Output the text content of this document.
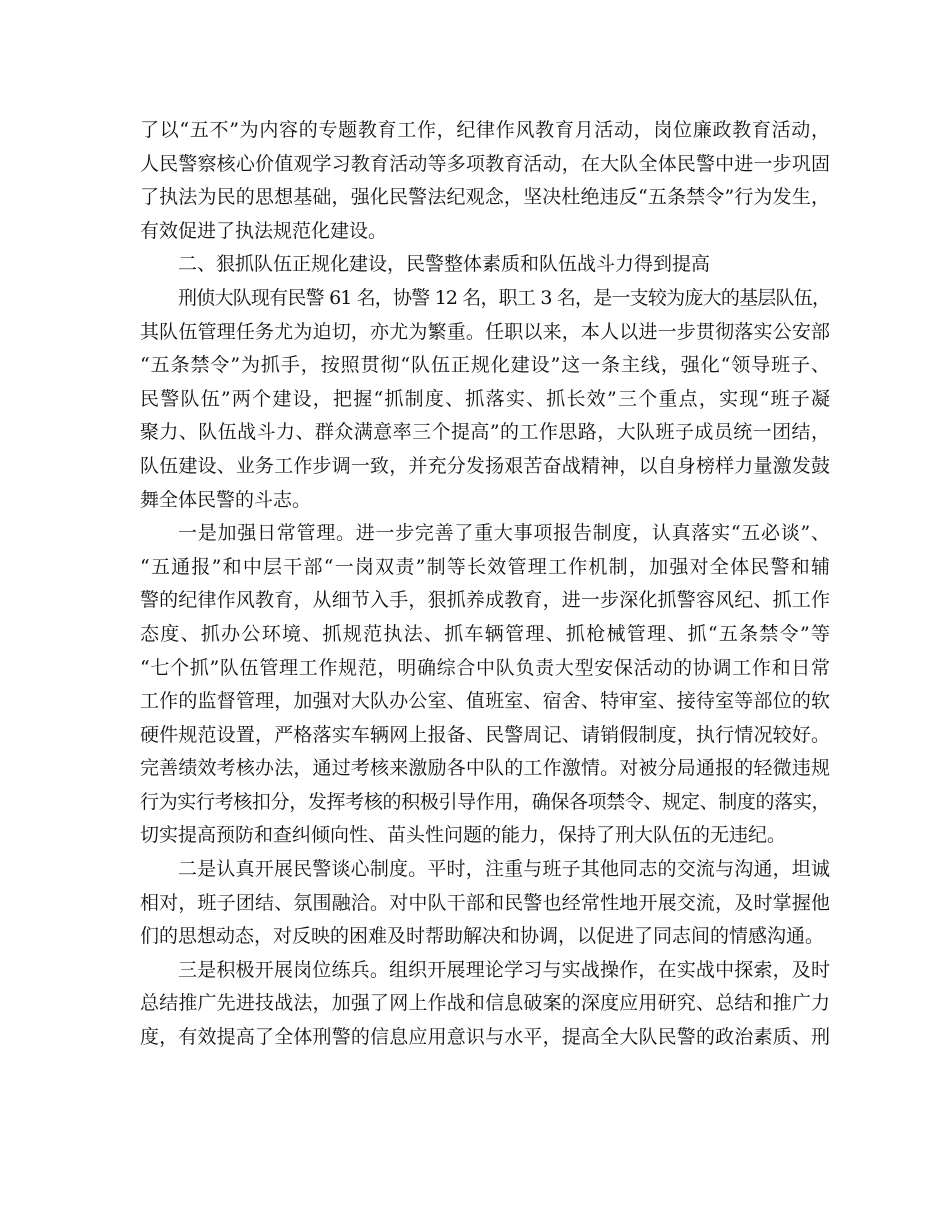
了以“五不”为内容的专题教育工作，纪律作风教育月活动，岗位廉政教育活动，
人民警察核心价值观学习教育活动等多项教育活动，在大队全体民警中进一步巩固
了执法为民的思想基础，强化民警法纪观念，坚决杜绝违反“五条禁令”行为发生，
有效促进了执法规范化建设。
二、狠抓队伍正规化建设，民警整体素质和队伍战斗力得到提高
刑侦大队现有民警 61 名，协警 12 名，职工 3 名，是一支较为庞大的基层队伍，
其队伍管理任务尤为迫切，亦尤为繁重。任职以来，本人以进一步贯彻落实公安部
“五条禁令”为抓手，按照贯彻“队伍正规化建设”这一条主线，强化“领导班子、
民警队伍”两个建设，把握“抓制度、抓落实、抓长效”三个重点，实现“班子凝
聚力、队伍战斗力、群众满意率三个提高”的工作思路，大队班子成员统一团结，
队伍建设、业务工作步调一致，并充分发扬艰苦奋战精神，以自身榜样力量激发鼓
舞全体民警的斗志。
一是加强日常管理。进一步完善了重大事项报告制度，认真落实“五必谈”、
“五通报”和中层干部“一岗双责”制等长效管理工作机制，加强对全体民警和辅
警的纪律作风教育，从细节入手，狠抓养成教育，进一步深化抓警容风纪、抓工作
态度、抓办公环境、抓规范执法、抓车辆管理、抓枪械管理、抓“五条禁令”等
“七个抓”队伍管理工作规范，明确综合中队负责大型安保活动的协调工作和日常
工作的监督管理，加强对大队办公室、值班室、宿舍、特审室、接待室等部位的软
硬件规范设置，严格落实车辆网上报备、民警周记、请销假制度，执行情况较好。
完善绩效考核办法，通过考核来激励各中队的工作激情。对被分局通报的轻微违规
行为实行考核扣分，发挥考核的积极引导作用，确保各项禁令、规定、制度的落实，
切实提高预防和查纠倾向性、苗头性问题的能力，保持了刑大队伍的无违纪。
二是认真开展民警谈心制度。平时，注重与班子其他同志的交流与沟通，坦诚
相对，班子团结、氛围融洽。对中队干部和民警也经常性地开展交流，及时掌握他
们的思想动态，对反映的困难及时帮助解决和协调，以促进了同志间的情感沟通。
三是积极开展岗位练兵。组织开展理论学习与实战操作，在实战中探索，及时
总结推广先进技战法，加强了网上作战和信息破案的深度应用研究、总结和推广力
度，有效提高了全体刑警的信息应用意识与水平，提高全大队民警的政治素质、刑
